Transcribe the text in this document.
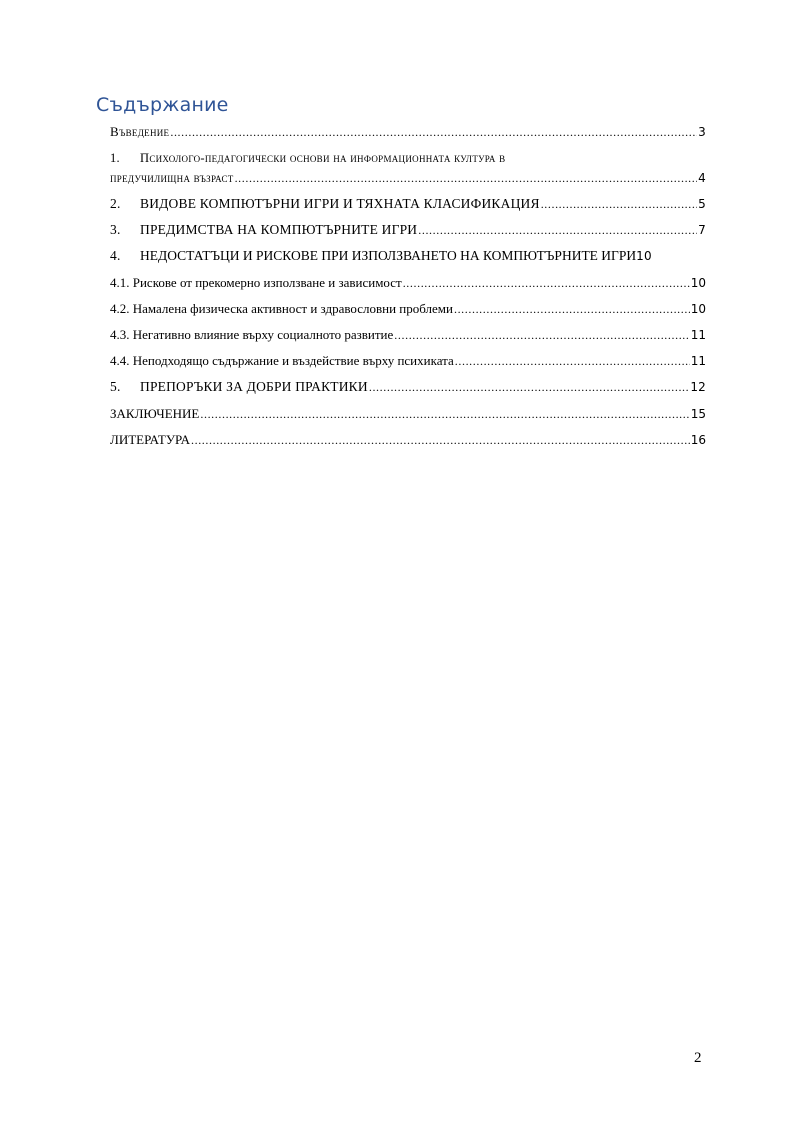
Съдържание
Въведение .....	3
1. Психолого-педагогически основи на информационната култура в
предучилищна възраст .....	4
2. ВИДОВЕ КОМПЮТЪРНИ ИГРИ И ТЯХНАТА КЛАСИФИКАЦИЯ .....	5
3. ПРЕДИМСТВА НА КОМПЮТЪРНИТЕ ИГРИ .....	7
4. НЕДОСТАТЪЦИ И РИСКОВЕ ПРИ ИЗПОЛЗВАНЕТО НА КОМПЮТЪРНИТЕ ИГРИ 10
4.1. Рискове от прекомерно използване и зависимост .....	10
4.2. Намалена физическа активност и здравословни проблеми .....	10
4.3. Негативно влияние върху социалното развитие .....	11
4.4. Неподходящо съдържание и въздействие върху психиката .....	11
5. ПРЕПОРЪКИ ЗА ДОБРИ ПРАКТИКИ .....	12
ЗАКЛЮЧЕНИЕ .....	15
ЛИТЕРАТУРА .....	16
2
